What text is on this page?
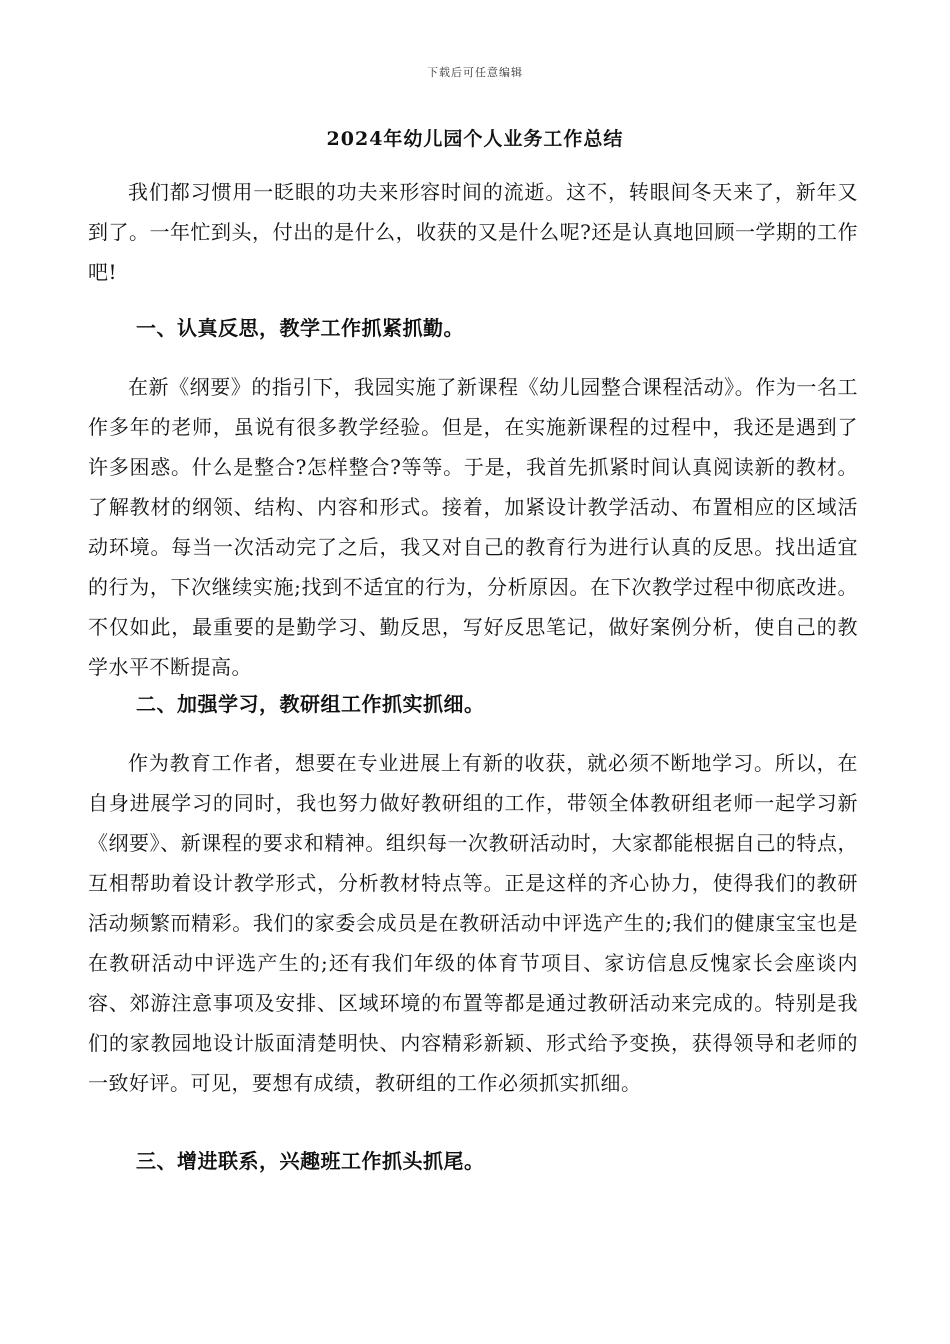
下载后可任意编辑
2024年幼儿园个人业务工作总结

我们都习惯用一眨眼的功夫来形容时间的流逝。这不，转眼间冬天来了，新年又到了。一年忙到头，付出的是什么，收获的又是什么呢?还是认真地回顾一学期的工作吧!

一、认真反思，教学工作抓紧抓勤。

在新《纲要》的指引下，我园实施了新课程《幼儿园整合课程活动》。作为一名工作多年的老师，虽说有很多教学经验。但是，在实施新课程的过程中，我还是遇到了许多困惑。什么是整合?怎样整合?等等。于是，我首先抓紧时间认真阅读新的教材。了解教材的纲领、结构、内容和形式。接着，加紧设计教学活动、布置相应的区域活动环境。每当一次活动完了之后，我又对自己的教育行为进行认真的反思。找出适宜的行为，下次继续实施;找到不适宜的行为，分析原因。在下次教学过程中彻底改进。不仅如此，最重要的是勤学习、勤反思，写好反思笔记，做好案例分析，使自己的教学水平不断提高。

二、加强学习，教研组工作抓实抓细。

作为教育工作者，想要在专业进展上有新的收获，就必须不断地学习。所以，在自身进展学习的同时，我也努力做好教研组的工作，带领全体教研组老师一起学习新《纲要》、新课程的要求和精神。组织每一次教研活动时，大家都能根据自己的特点，互相帮助着设计教学形式，分析教材特点等。正是这样的齐心协力，使得我们的教研活动频繁而精彩。我们的家委会成员是在教研活动中评选产生的;我们的健康宝宝也是在教研活动中评选产生的;还有我们年级的体育节项目、家访信息反愧家长会座谈内容、郊游注意事项及安排、区域环境的布置等都是通过教研活动来完成的。特别是我们的家教园地设计版面清楚明快、内容精彩新颖、形式给予变换，获得领导和老师的一致好评。可见，要想有成绩，教研组的工作必须抓实抓细。

三、增进联系，兴趣班工作抓头抓尾。
